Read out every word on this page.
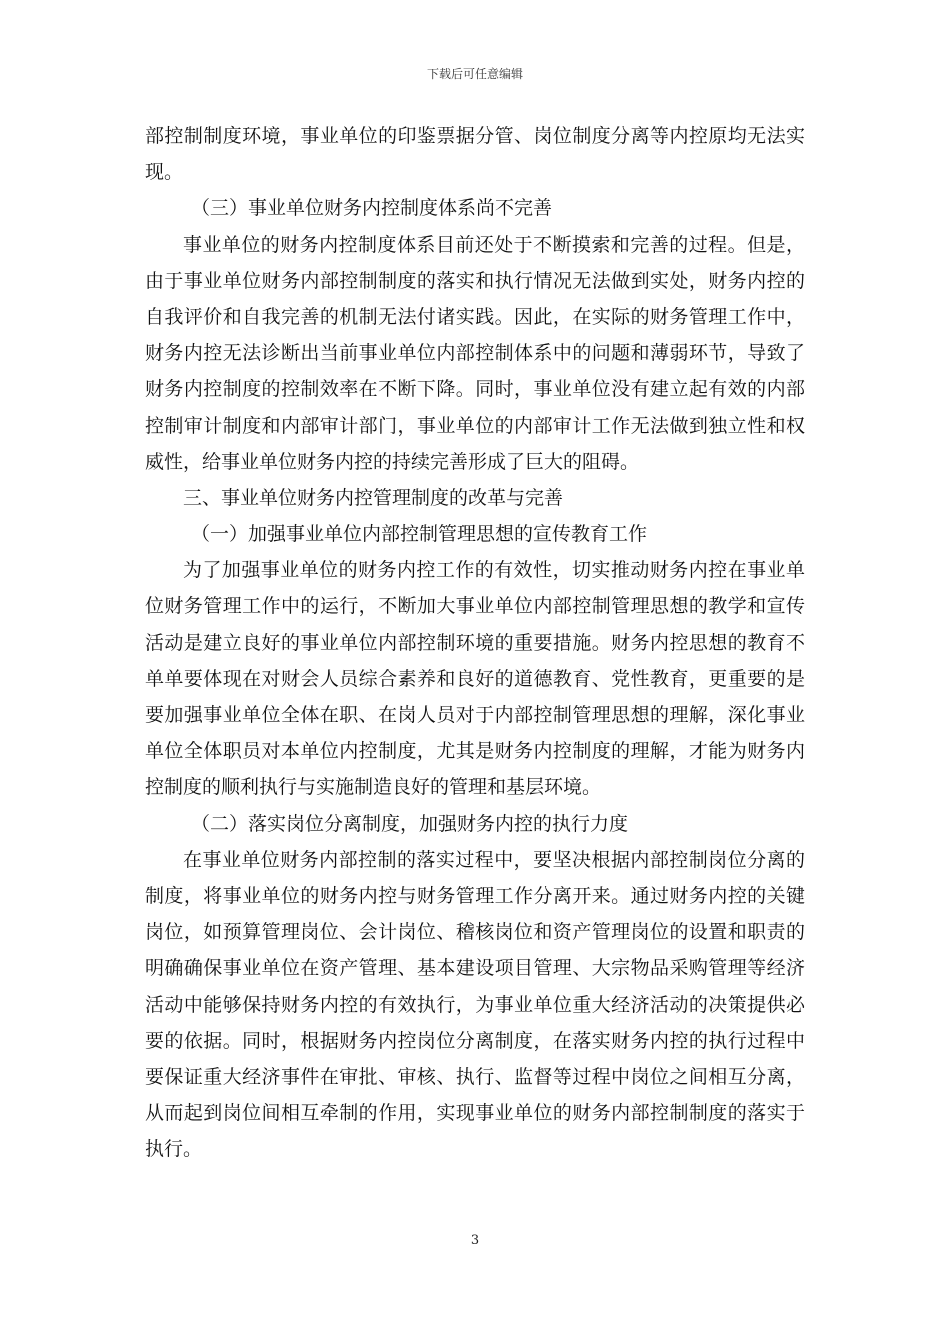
下载后可任意编辑
部控制制度环境，事业单位的印鉴票据分管、岗位制度分离等内控原均无法实
现。
（三）事业单位财务内控制度体系尚不完善
事业单位的财务内控制度体系目前还处于不断摸索和完善的过程。但是，
由于事业单位财务内部控制制度的落实和执行情况无法做到实处，财务内控的
自我评价和自我完善的机制无法付诸实践。因此，在实际的财务管理工作中，
财务内控无法诊断出当前事业单位内部控制体系中的问题和薄弱环节，导致了
财务内控制度的控制效率在不断下降。同时，事业单位没有建立起有效的内部
控制审计制度和内部审计部门，事业单位的内部审计工作无法做到独立性和权
威性，给事业单位财务内控的持续完善形成了巨大的阻碍。
三、事业单位财务内控管理制度的改革与完善
（一）加强事业单位内部控制管理思想的宣传教育工作
为了加强事业单位的财务内控工作的有效性，切实推动财务内控在事业单
位财务管理工作中的运行，不断加大事业单位内部控制管理思想的教学和宣传
活动是建立良好的事业单位内部控制环境的重要措施。财务内控思想的教育不
单单要体现在对财会人员综合素养和良好的道德教育、党性教育，更重要的是
要加强事业单位全体在职、在岗人员对于内部控制管理思想的理解，深化事业
单位全体职员对本单位内控制度，尤其是财务内控制度的理解，才能为财务内
控制度的顺利执行与实施制造良好的管理和基层环境。
（二）落实岗位分离制度，加强财务内控的执行力度
在事业单位财务内部控制的落实过程中，要坚决根据内部控制岗位分离的
制度，将事业单位的财务内控与财务管理工作分离开来。通过财务内控的关键
岗位，如预算管理岗位、会计岗位、稽核岗位和资产管理岗位的设置和职责的
明确确保事业单位在资产管理、基本建设项目管理、大宗物品采购管理等经济
活动中能够保持财务内控的有效执行，为事业单位重大经济活动的决策提供必
要的依据。同时，根据财务内控岗位分离制度，在落实财务内控的执行过程中
要保证重大经济事件在审批、审核、执行、监督等过程中岗位之间相互分离，
从而起到岗位间相互牵制的作用，实现事业单位的财务内部控制制度的落实于
执行。
3
